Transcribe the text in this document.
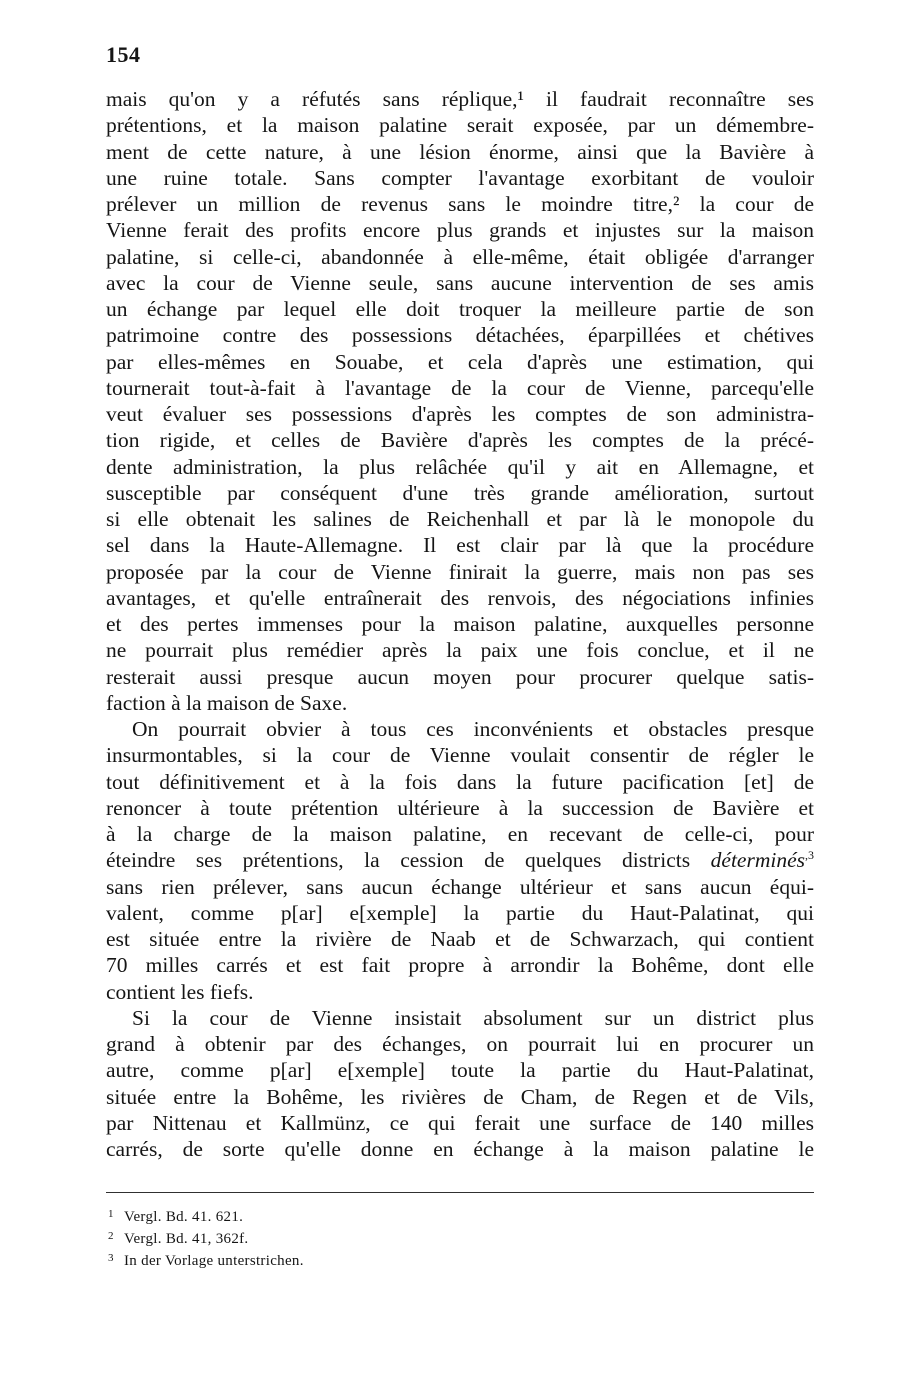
154
mais qu'on y a réfutés sans réplique,¹ il faudrait reconnaître ses
prétentions, et la maison palatine serait exposée, par un démembre-
ment de cette nature, à une lésion énorme, ainsi que la Bavière à
une ruine totale. Sans compter l'avantage exorbitant de vouloir
prélever un million de revenus sans le moindre titre,² la cour de
Vienne ferait des profits encore plus grands et injustes sur la maison
palatine, si celle-ci, abandonnée à elle-même, était obligée d'arranger
avec la cour de Vienne seule, sans aucune intervention de ses amis
un échange par lequel elle doit troquer la meilleure partie de son
patrimoine contre des possessions détachées, éparpillées et chétives
par elles-mêmes en Souabe, et cela d'après une estimation, qui
tournerait tout-à-fait à l'avantage de la cour de Vienne, parcequ'elle
veut évaluer ses possessions d'après les comptes de son administra-
tion rigide, et celles de Bavière d'après les comptes de la précé-
dente administration, la plus relâchée qu'il y ait en Allemagne, et
susceptible par conséquent d'une très grande amélioration, surtout
si elle obtenait les salines de Reichenhall et par là le monopole du
sel dans la Haute-Allemagne. Il est clair par là que la procédure
proposée par la cour de Vienne finirait la guerre, mais non pas ses
avantages, et qu'elle entraînerait des renvois, des négociations infinies
et des pertes immenses pour la maison palatine, auxquelles personne
ne pourrait plus remédier après la paix une fois conclue, et il ne
resterait aussi presque aucun moyen pour procurer quelque satis-
faction à la maison de Saxe.
On pourrait obvier à tous ces inconvénients et obstacles presque
insurmontables, si la cour de Vienne voulait consentir de régler le
tout définitivement et à la fois dans la future pacification [et] de
renoncer à toute prétention ultérieure à la succession de Bavière et
à la charge de la maison palatine, en recevant de celle-ci, pour
éteindre ses prétentions, la cession de quelques districts déterminés$^{,3}$
sans rien prélever, sans aucun échange ultérieur et sans aucun équi-
valent, comme p[ar] e[xemple] la partie du Haut-Palatinat, qui
est située entre la rivière de Naab et de Schwarzach, qui contient
70 milles carrés et est fait propre à arrondir la Bohême, dont elle
contient les fiefs.
Si la cour de Vienne insistait absolument sur un district plus
grand à obtenir par des échanges, on pourrait lui en procurer un
autre, comme p[ar] e[xemple] toute la partie du Haut-Palatinat,
située entre la Bohême, les rivières de Cham, de Regen et de Vils,
par Nittenau et Kallmünz, ce qui ferait une surface de 140 milles
carrés, de sorte qu'elle donne en échange à la maison palatine le
1 Vergl. Bd. 41. 621.
2 Vergl. Bd. 41, 362f.
3 In der Vorlage unterstrichen.
